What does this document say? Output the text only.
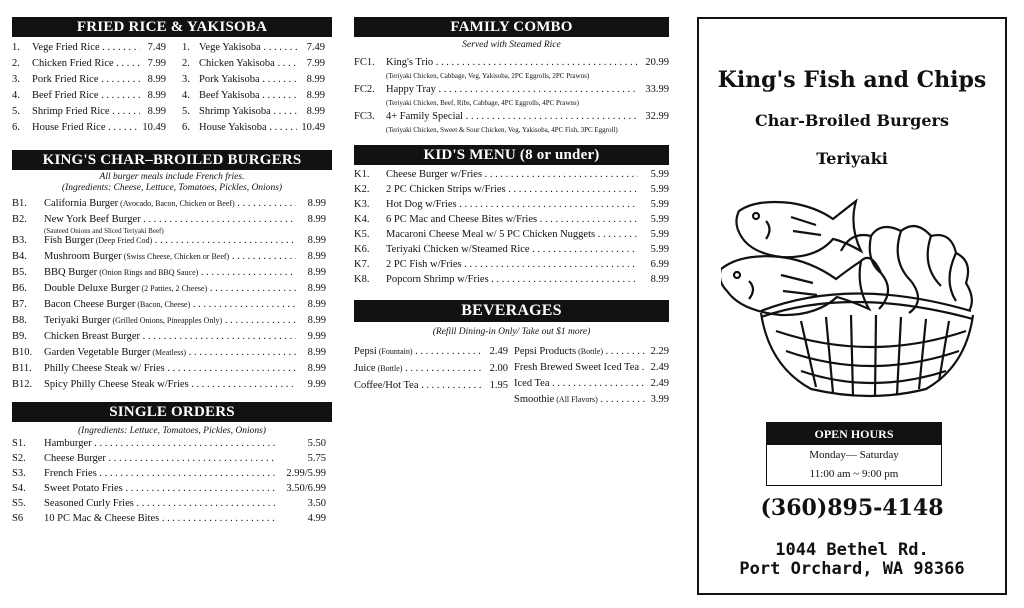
FRIED RICE & YAKISOBA
1. Vege Fried Rice . . .	7.49
2. Chicken Fried Rice . . .	7.99
3. Pork Fried Rice . . .	8.99
4. Beef Fried Rice . . .	8.99
5. Shrimp Fried Rice . . .	8.99
6. House Fried Rice . . .	10.49
1. Vege Yakisoba . . .	7.49
2. Chicken Yakisoba . . .	7.99
3. Pork Yakisoba . . .	8.99
4. Beef Yakisoba . . .	8.99
5. Shrimp Yakisoba . . .	8.99
6. House Yakisoba . . .	10.49
KING'S CHAR–BROILED BURGERS
All burger meals include French fries.
(Ingredients: Cheese, Lettuce, Tomatoes, Pickles, Onions)
B1. California Burger (Avocado, Bacon, Chicken or Beef) . . .	8.99
B2. New York Beef Burger . . .	8.99
(Sauteed Onions and Sliced Teriyaki Beef)
B3. Fish Burger (Deep Fried Cod) . . .	8.99
B4. Mushroom Burger (Swiss Cheese, Chicken or Beef) . . .	8.99
B5. BBQ Burger (Onion Rings and BBQ Sauce) . . .	8.99
B6. Double Deluxe Burger (2 Patties, 2 Cheese) . . .	8.99
B7. Bacon Cheese Burger (Bacon, Cheese) . . .	8.99
B8. Teriyaki Burger (Grilled Onions, Pineapples Only) . . .	8.99
B9. Chicken Breast Burger . . .	9.99
B10. Garden Vegetable Burger (Meatless) . . .	8.99
B11. Philly Cheese Steak w/ Fries . . .	8.99
B12. Spicy Philly Cheese Steak w/Fries . . .	9.99
SINGLE ORDERS
(Ingredients: Lettuce, Tomatoes, Pickles, Onions)
S1. Hamburger . . .	5.50
S2. Cheese Burger . . .	5.75
S3. French Fries . . .	2.99/5.99
S4. Sweet Potato Fries . . .	3.50/6.99
S5. Seasoned Curly Fries . . .	3.50
S6 10 PC Mac & Cheese Bites . . .	4.99
FAMILY COMBO
Served with Steamed Rice
FC1. King's Trio . . .	20.99
(Teriyaki Chicken, Cabbage, Veg, Yakisoba, 2PC Eggrolls, 2PC Prawns)
FC2. Happy Tray . . .	33.99
(Teriyaki Chicken, Beef, Ribs, Cabbage, 4PC Eggrolls, 4PC Prawns)
FC3. 4+ Family Special . . .	32.99
(Teriyaki Chicken, Sweet & Sour Chicken, Veg, Yakisoba, 4PC Fish, 3PC Eggroll)
KID'S MENU (8 or under)
K1. Cheese Burger w/Fries . . .	5.99
K2. 2 PC Chicken Strips w/Fries . . .	5.99
K3. Hot Dog w/Fries . . .	5.99
K4. 6 PC Mac and Cheese Bites w/Fries . . .	5.99
K5. Macaroni Cheese Meal w/ 5 PC Chicken Nuggets . . .	5.99
K6. Teriyaki Chicken w/Steamed Rice . . .	5.99
K7. 2 PC Fish w/Fries . . .	6.99
K8. Popcorn Shrimp w/Fries . . .	8.99
BEVERAGES
(Refill Dining-in Only/ Take out $1 more)
Pepsi (Fountain) . . .	2.49
Juice (Bottle) . . .	2.00
Coffee/Hot Tea . . .	1.95
Pepsi Products (Bottle) . . .	2.29
Fresh Brewed Sweet Iced Tea . . .	2.49
Iced Tea . . .	2.49
Smoothie (All Flavors) . . .	3.99
King's Fish and Chips
Char-Broiled Burgers
Teriyaki
OPEN HOURS
Monday— Saturday
11:00 am ~ 9:00 pm
(360)895-4148
1044 Bethel Rd.
Port Orchard, WA 98366
